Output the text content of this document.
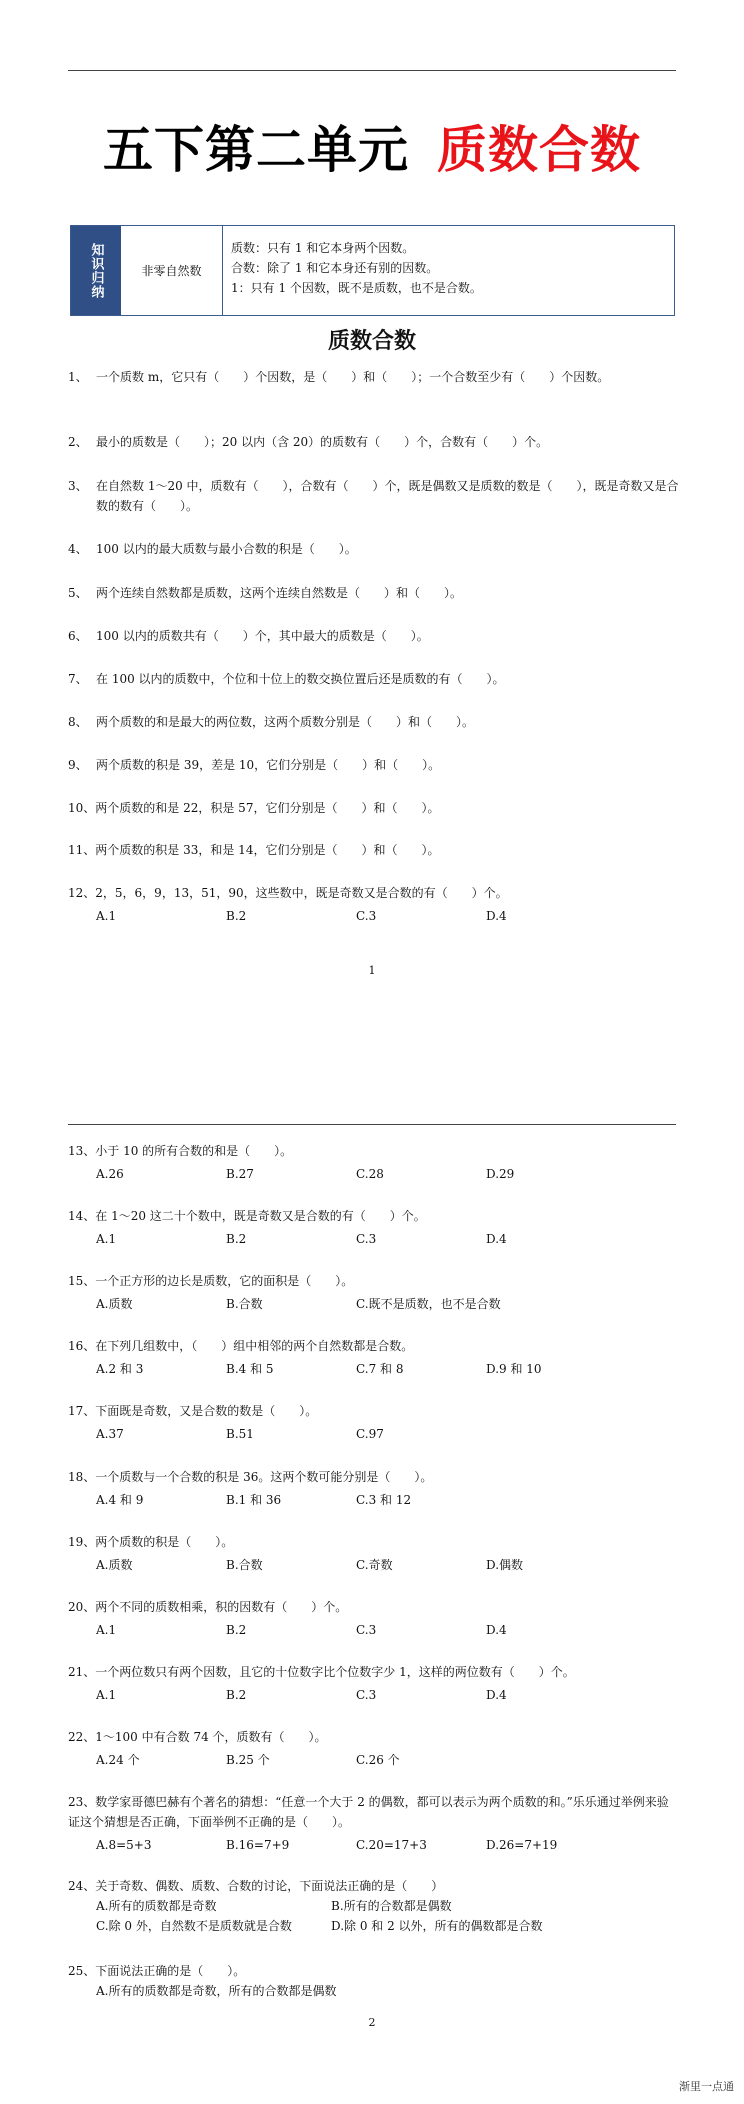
五下第二单元 质数合数
知识归纳	非零自然数
质数：只有 1 和它本身两个因数。
合数：除了 1 和它本身还有别的因数。
1：只有 1 个因数，既不是质数，也不是合数。
质数合数
1、 一个质数 m，它只有（　　）个因数，是（　　）和（　　）；一个合数至少有（　　）个因数。
2、 最小的质数是（　　）；20 以内（含 20）的质数有（　　）个，合数有（　　）个。
3、 在自然数 1～20 中，质数有（　　），合数有（　　）个，既是偶数又是质数的数是（　　），既是奇数又是合数的数有（　　）。
4、 100 以内的最大质数与最小合数的积是（　　）。
5、 两个连续自然数都是质数，这两个连续自然数是（　　）和（　　）。
6、 100 以内的质数共有（　　）个，其中最大的质数是（　　）。
7、 在 100 以内的质数中，个位和十位上的数交换位置后还是质数的有（　　）。
8、 两个质数的和是最大的两位数，这两个质数分别是（　　）和（　　）。
9、 两个质数的积是 39，差是 10，它们分别是（　　）和（　　）。
10、两个质数的和是 22，积是 57，它们分别是（　　）和（　　）。
11、两个质数的积是 33，和是 14，它们分别是（　　）和（　　）。
12、2，5，6，9，13，51，90，这些数中，既是奇数又是合数的有（　　）个。
A.1	B.2	C.3	D.4
1
13、小于 10 的所有合数的和是（　　）。
A.26	B.27	C.28	D.29
14、在 1～20 这二十个数中，既是奇数又是合数的有（　　）个。
A.1	B.2	C.3	D.4
15、一个正方形的边长是质数，它的面积是（　　）。
A.质数	B.合数	C.既不是质数，也不是合数
16、在下列几组数中，（　　）组中相邻的两个自然数都是合数。
A.2 和 3	B.4 和 5	C.7 和 8	D.9 和 10
17、下面既是奇数，又是合数的数是（　　）。
A.37	B.51	C.97
18、一个质数与一个合数的积是 36。这两个数可能分别是（　　）。
A.4 和 9	B.1 和 36	C.3 和 12
19、两个质数的积是（　　）。
A.质数	B.合数	C.奇数	D.偶数
20、两个不同的质数相乘，积的因数有（　　）个。
A.1	B.2	C.3	D.4
21、一个两位数只有两个因数，且它的十位数字比个位数字少 1，这样的两位数有（　　）个。
A.1	B.2	C.3	D.4
22、1～100 中有合数 74 个，质数有（　　）。
A.24 个	B.25 个	C.26 个
23、数学家哥德巴赫有个著名的猜想：“任意一个大于 2 的偶数，都可以表示为两个质数的和。”乐乐通过举例来验证这个猜想是否正确，下面举例不正确的是（　　）。
A.8=5+3	B.16=7+9	C.20=17+3	D.26=7+19
24、关于奇数、偶数、质数、合数的讨论，下面说法正确的是（　　）
A.所有的质数都是奇数	B.所有的合数都是偶数
C.除 0 外，自然数不是质数就是合数	D.除 0 和 2 以外，所有的偶数都是合数
25、下面说法正确的是（　　）。
A.所有的质数都是奇数，所有的合数都是偶数
2
渐里一点通
